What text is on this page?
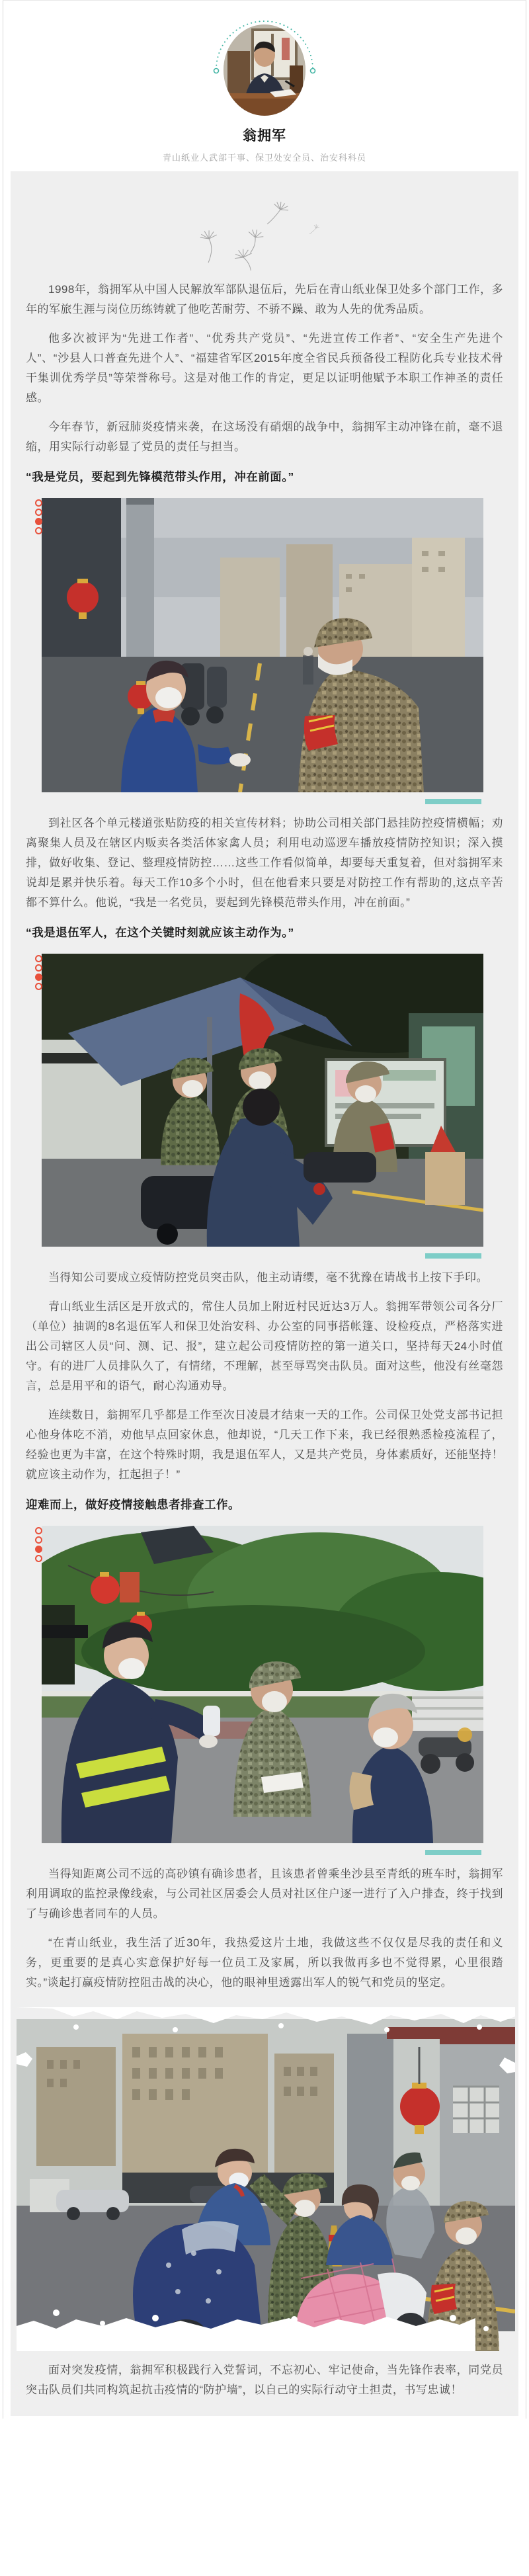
翁拥军
青山纸业人武部干事、保卫处安全员、治安科科员

1998年，翁拥军从中国人民解放军部队退伍后，先后在青山纸业保卫处多个部门工作，多年的军旅生涯与岗位历练铸就了他吃苦耐劳、不骄不躁、敢为人先的优秀品质。

他多次被评为“先进工作者”、“优秀共产党员”、“先进宣传工作者”、“安全生产先进个人”、“沙县人口普查先进个人”、“福建省军区2015年度全省民兵预备役工程防化兵专业技术骨干集训优秀学员”等荣誉称号。这是对他工作的肯定，更足以证明他赋予本职工作神圣的责任感。

今年春节，新冠肺炎疫情来袭，在这场没有硝烟的战争中，翁拥军主动冲锋在前，毫不退缩，用实际行动彰显了党员的责任与担当。

“我是党员，要起到先锋模范带头作用，冲在前面。”

到社区各个单元楼道张贴防疫的相关宣传材料；协助公司相关部门悬挂防控疫情横幅；劝离聚集人员及在辖区内贩卖各类活体家禽人员；利用电动巡逻车播放疫情防控知识；深入摸排，做好收集、登记、整理疫情防控……这些工作看似简单，却要每天重复着，但对翁拥军来说却是累并快乐着。每天工作10多个小时，但在他看来只要是对防控工作有帮助的,这点辛苦都不算什么。他说，“我是一名党员，要起到先锋模范带头作用，冲在前面。”

“我是退伍军人，在这个关键时刻就应该主动作为。”

当得知公司要成立疫情防控党员突击队，他主动请缨，毫不犹豫在请战书上按下手印。

青山纸业生活区是开放式的，常住人员加上附近村民近达3万人。翁拥军带领公司各分厂（单位）抽调的8名退伍军人和保卫处治安科、办公室的同事搭帐篷、设检疫点，严格落实进出公司辖区人员“问、测、记、报”，建立起公司疫情防控的第一道关口，坚持每天24小时值守。有的进厂人员排队久了，有情绪，不理解，甚至辱骂突击队员。面对这些，他没有丝毫怨言，总是用平和的语气，耐心沟通劝导。

连续数日，翁拥军几乎都是工作至次日凌晨才结束一天的工作。公司保卫处党支部书记担心他身体吃不消，劝他早点回家休息，他却说，“几天工作下来，我已经很熟悉检疫流程了，经验也更为丰富，在这个特殊时期，我是退伍军人，又是共产党员，身体素质好，还能坚持！就应该主动作为，扛起担子！”

迎难而上，做好疫情接触患者排查工作。

当得知距离公司不远的高砂镇有确诊患者，且该患者曾乘坐沙县至青纸的班车时，翁拥军利用调取的监控录像线索，与公司社区居委会人员对社区住户逐一进行了入户排查，终于找到了与确诊患者同车的人员。

“在青山纸业，我生活了近30年，我热爱这片土地，我做这些不仅仅是尽我的责任和义务，更重要的是真心实意保护好每一位员工及家属，所以我做再多也不觉得累，心里很踏实。”谈起打赢疫情防控阻击战的决心，他的眼神里透露出军人的锐气和党员的坚定。

面对突发疫情，翁拥军积极践行入党誓词，不忘初心、牢记使命，当先锋作表率，同党员突击队员们共同构筑起抗击疫情的“防护墙”，以自己的实际行动守土担责，书写忠诚！
